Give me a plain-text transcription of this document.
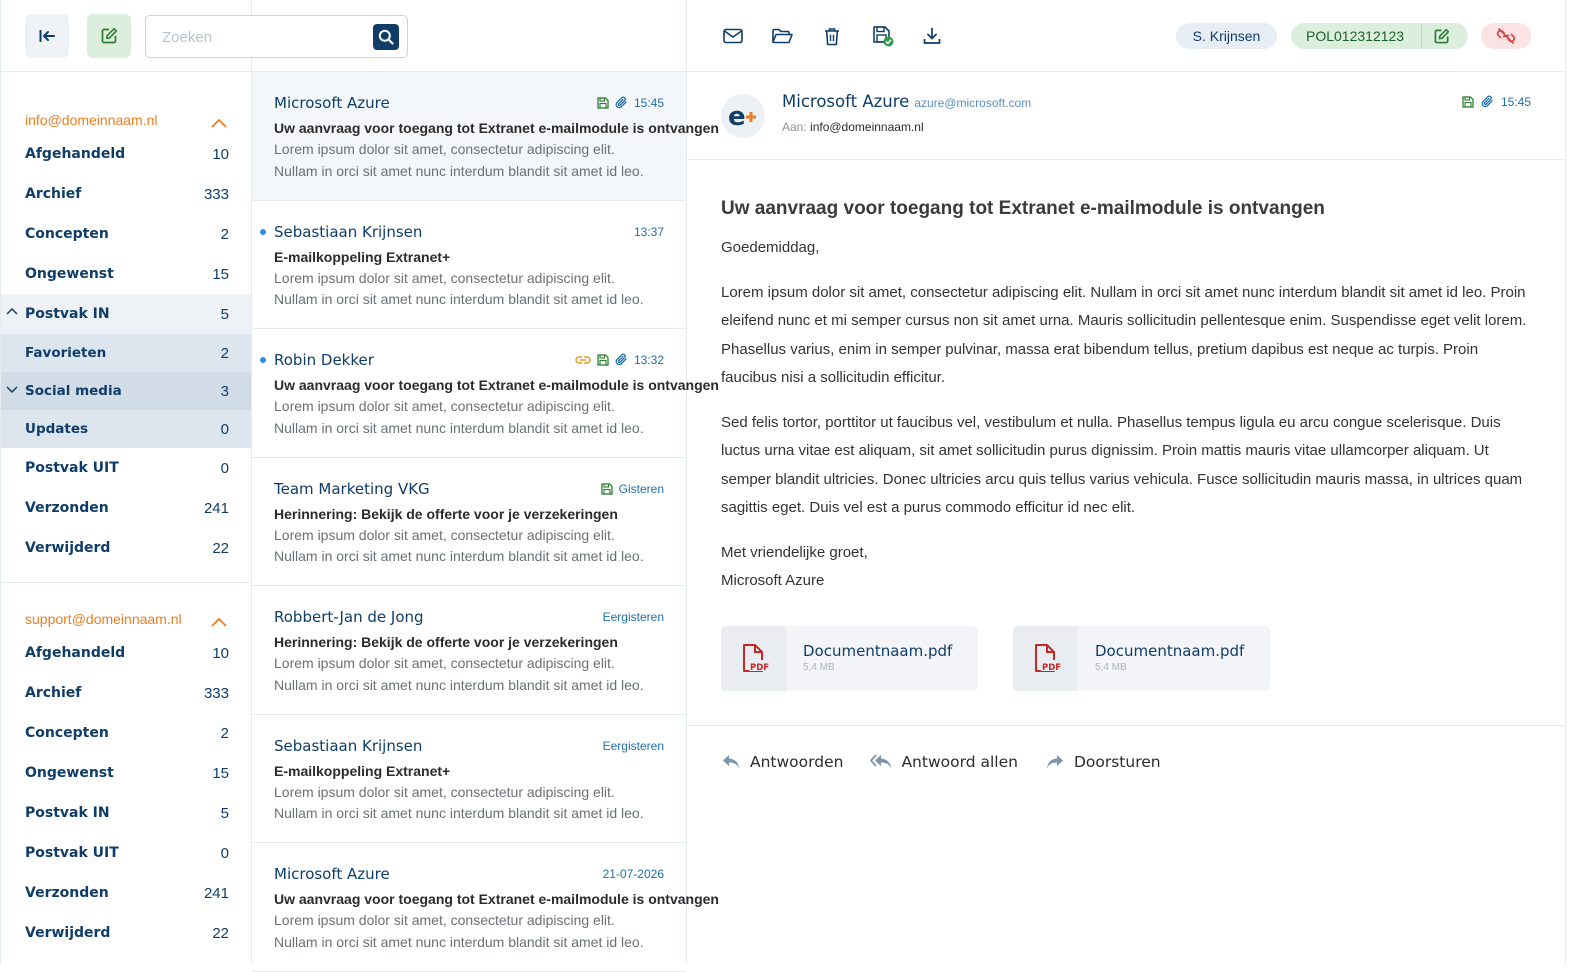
info@domeinnaam.nl
Afgehandeld	10
Archief	333
Concepten	2
Ongewenst	15
Postvak IN	5
Favorieten	2
Social media	3
Updates	0
Postvak UIT	0
Verzonden	241
Verwijderd	22
support@domeinnaam.nl
Afgehandeld	10
Archief	333
Concepten	2
Ongewenst	15
Postvak IN	5
Postvak UIT	0
Verzonden	241
Verwijderd	22
Zoeken
Microsoft Azure	15:45
Uw aanvraag voor toegang tot Extranet e-mailmodule is ontvangen
Lorem ipsum dolor sit amet, consectetur adipiscing elit.
Nullam in orci sit amet nunc interdum blandit sit amet id leo.
Sebastiaan Krijnsen	13:37
E-mailkoppeling Extranet+
Lorem ipsum dolor sit amet, consectetur adipiscing elit.
Nullam in orci sit amet nunc interdum blandit sit amet id leo.
Robin Dekker	13:32
Uw aanvraag voor toegang tot Extranet e-mailmodule is ontvangen
Lorem ipsum dolor sit amet, consectetur adipiscing elit.
Nullam in orci sit amet nunc interdum blandit sit amet id leo.
Team Marketing VKG	Gisteren
Herinnering: Bekijk de offerte voor je verzekeringen
Lorem ipsum dolor sit amet, consectetur adipiscing elit.
Nullam in orci sit amet nunc interdum blandit sit amet id leo.
Robbert-Jan de Jong	Eergisteren
Herinnering: Bekijk de offerte voor je verzekeringen
Lorem ipsum dolor sit amet, consectetur adipiscing elit.
Nullam in orci sit amet nunc interdum blandit sit amet id leo.
Sebastiaan Krijnsen	Eergisteren
E-mailkoppeling Extranet+
Lorem ipsum dolor sit amet, consectetur adipiscing elit.
Nullam in orci sit amet nunc interdum blandit sit amet id leo.
Microsoft Azure	21-07-2026
Uw aanvraag voor toegang tot Extranet e-mailmodule is ontvangen
Lorem ipsum dolor sit amet, consectetur adipiscing elit.
Nullam in orci sit amet nunc interdum blandit sit amet id leo.
S. Krijnsen	POL012312123
e
Microsoft Azure azure@microsoft.com
Aan: info@domeinnaam.nl
15:45
Uw aanvraag voor toegang tot Extranet e-mailmodule is ontvangen
Goedemiddag,
Lorem ipsum dolor sit amet, consectetur adipiscing elit. Nullam in orci sit amet nunc interdum blandit sit amet id leo. Proin eleifend nunc et mi semper cursus non sit amet urna. Mauris sollicitudin pellentesque enim. Suspendisse eget velit lorem. Phasellus varius, enim in semper pulvinar, massa erat bibendum tellus, pretium dapibus est neque ac turpis. Proin faucibus nisi a sollicitudin efficitur.
Sed felis tortor, porttitor ut faucibus vel, vestibulum et nulla. Phasellus tempus ligula eu arcu congue scelerisque. Duis luctus urna vitae est aliquam, sit amet sollicitudin purus dignissim. Proin mattis mauris vitae ullamcorper aliquam. Ut semper blandit ultricies. Donec ultricies arcu quis tellus varius vehicula. Fusce sollicitudin mauris massa, in ultrices quam sagittis eget. Duis vel est a purus commodo efficitur id nec elit.
Met vriendelijke groet,
Microsoft Azure
PDF
Documentnaam.pdf
5,4 MB	PDF
Documentnaam.pdf
5,4 MB
Antwoorden	Antwoord allen	Doorsturen
